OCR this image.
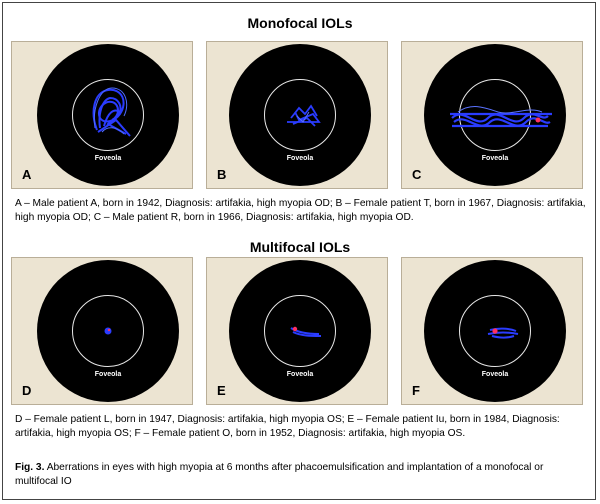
Monofocal IOLs
Foveola
A
Foveola
B
Foveola
C
A – Male patient A, born in 1942, Diagnosis: artifakia, high myopia OD; B – Female patient T, born in 1967, Diagnosis: artifakia, high myopia OD; C – Male patient R, born in 1966, Diagnosis: artifakia, high myopia OD.
Multifocal IOLs
Foveola
D
Foveola
E
Foveola
F
D – Female patient L, born in 1947, Diagnosis: artifakia, high myopia OS; E – Female patient Iu, born in 1984, Diagnosis: artifakia, high myopia OS; F – Female patient O, born in 1952, Diagnosis: artifakia, high myopia OS.
Fig. 3. Aberrations in eyes with high myopia at 6 months after phacoemulsification and implantation of a monofocal or multifocal IO
